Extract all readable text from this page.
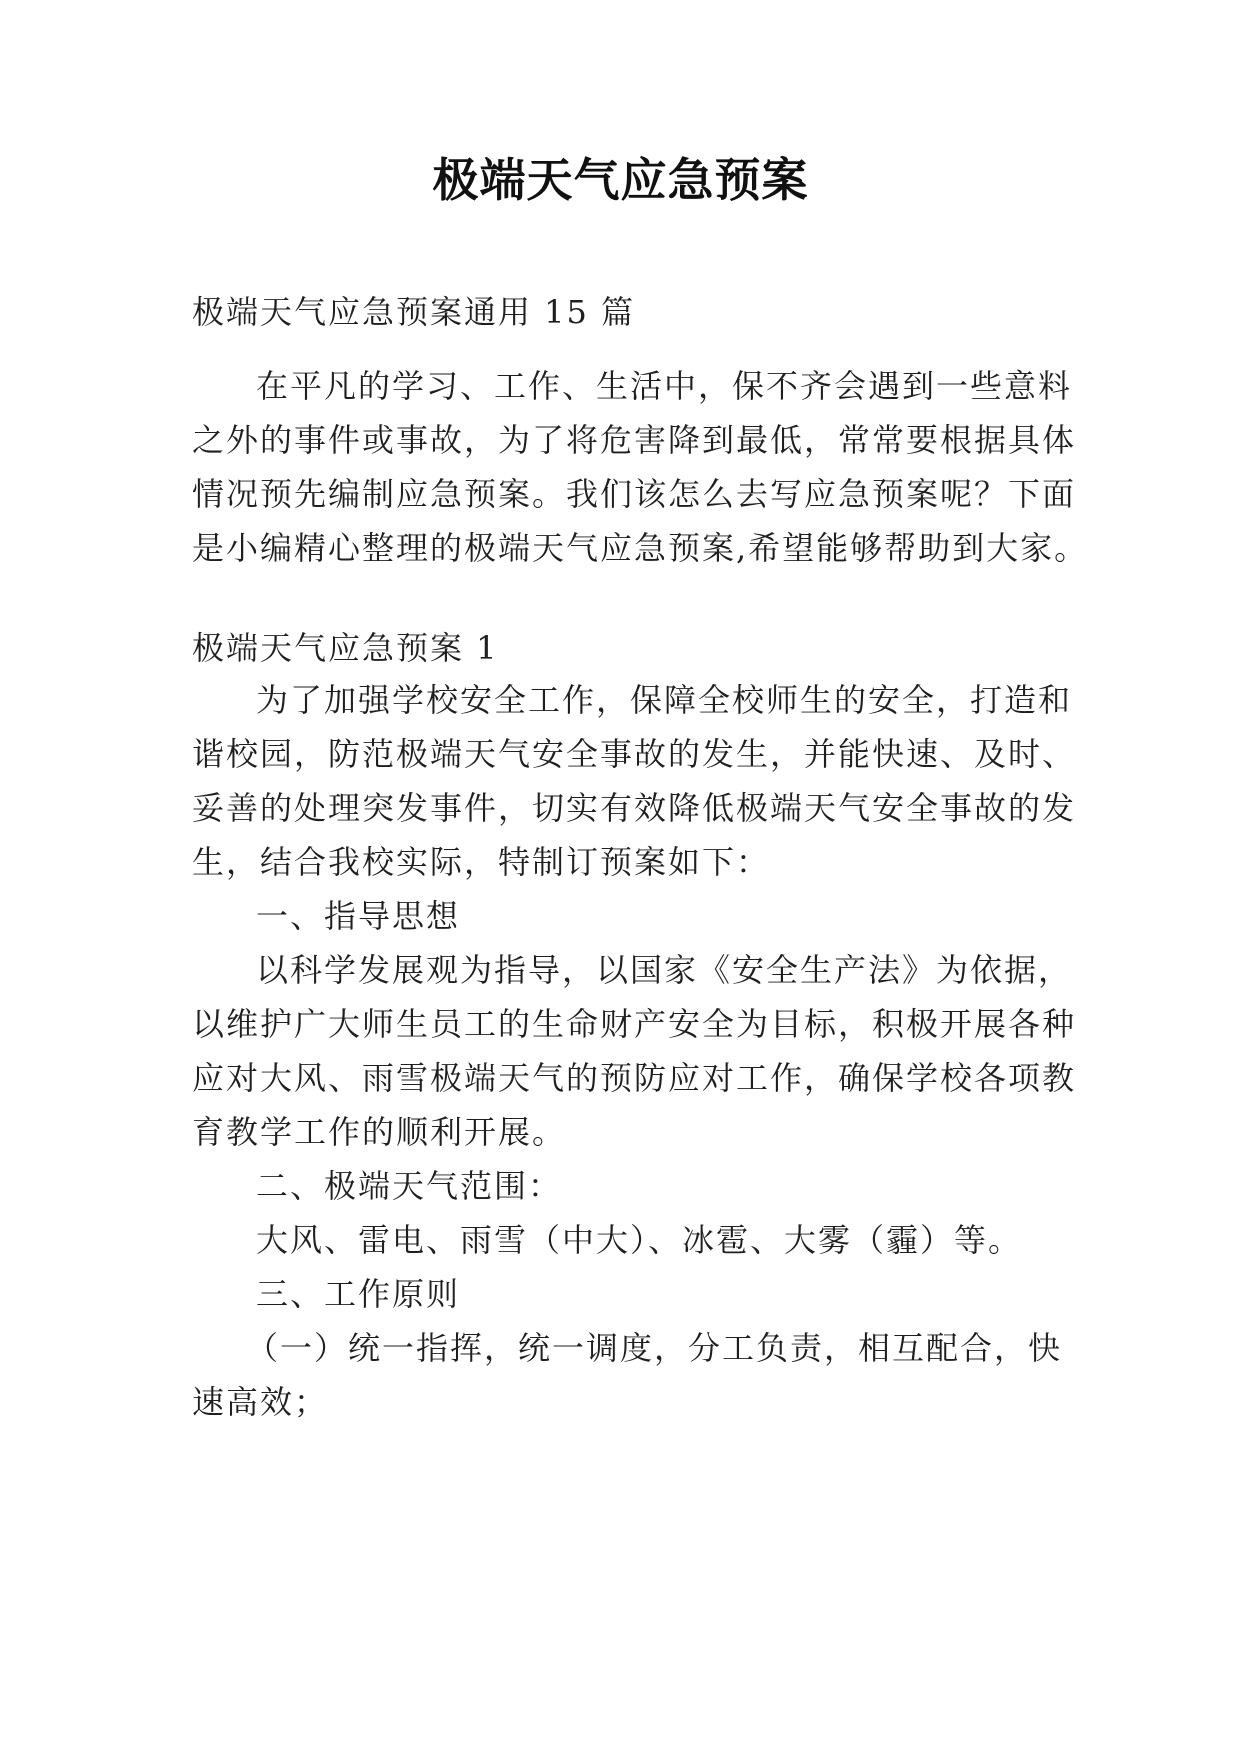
极端天气应急预案
极端天气应急预案通用 15 篇
在平凡的学习、工作、生活中，保不齐会遇到一些意料
之外的事件或事故，为了将危害降到最低，常常要根据具体
情况预先编制应急预案。我们该怎么去写应急预案呢？下面
是小编精心整理的极端天气应急预案,希望能够帮助到大家。
极端天气应急预案 1
为了加强学校安全工作，保障全校师生的安全，打造和
谐校园，防范极端天气安全事故的发生，并能快速、及时、
妥善的处理突发事件，切实有效降低极端天气安全事故的发
生，结合我校实际，特制订预案如下：
一、指导思想
以科学发展观为指导，以国家《安全生产法》为依据，
以维护广大师生员工的生命财产安全为目标，积极开展各种
应对大风、雨雪极端天气的预防应对工作，确保学校各项教
育教学工作的顺利开展。
二、极端天气范围：
大风、雷电、雨雪（中大）、冰雹、大雾（霾）等。
三、工作原则
（一）统一指挥，统一调度，分工负责，相互配合，快
速高效；
